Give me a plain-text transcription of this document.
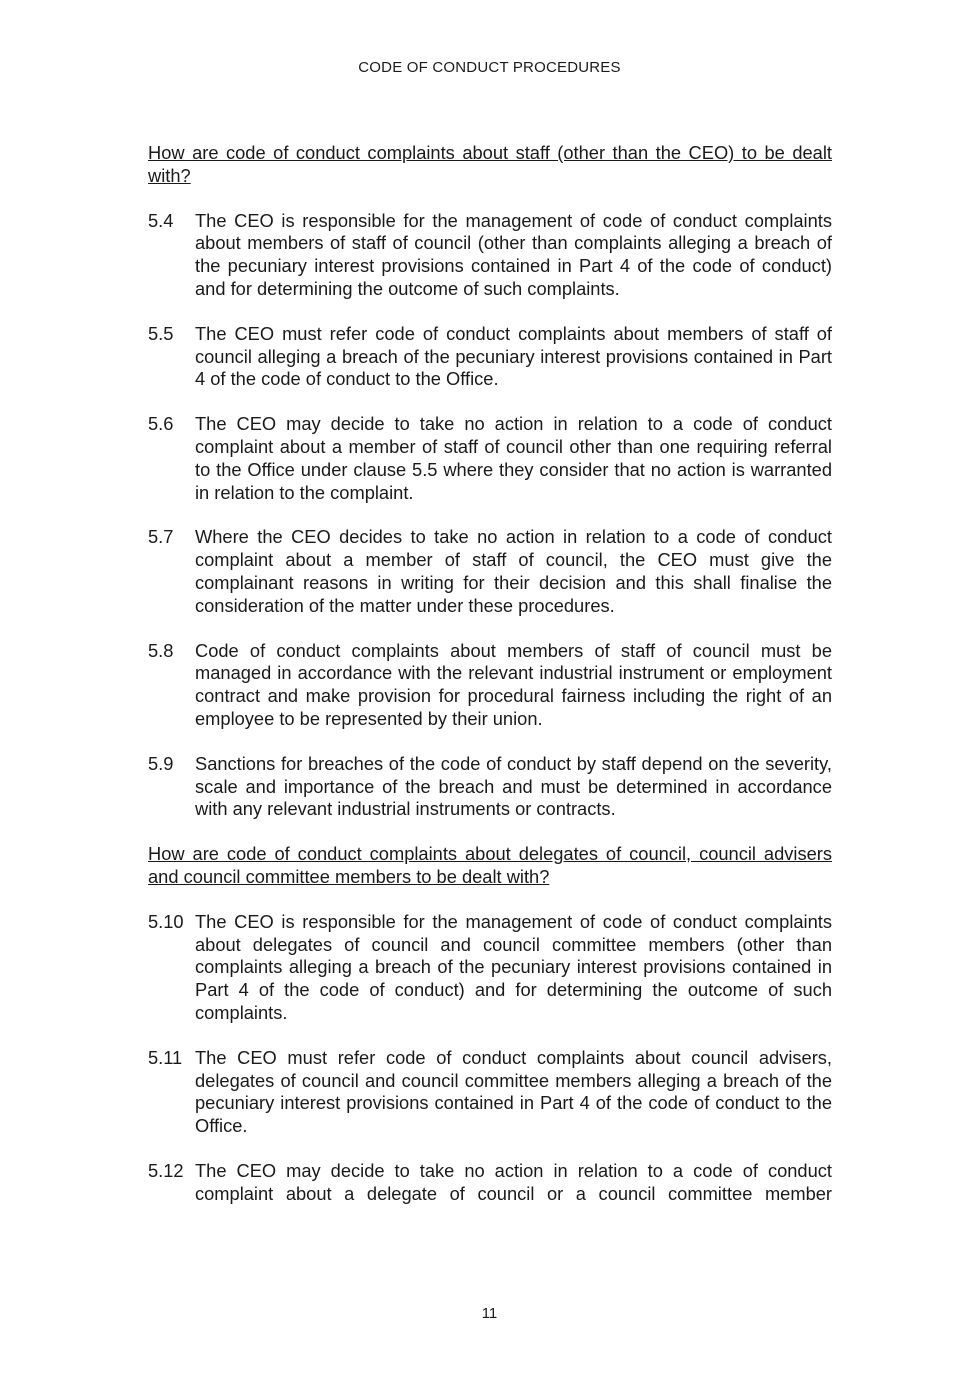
CODE OF CONDUCT PROCEDURES
How are code of conduct complaints about staff (other than the CEO) to be dealt with?
5.4	The CEO is responsible for the management of code of conduct complaints about members of staff of council (other than complaints alleging a breach of the pecuniary interest provisions contained in Part 4 of the code of conduct) and for determining the outcome of such complaints.
5.5	The CEO must refer code of conduct complaints about members of staff of council alleging a breach of the pecuniary interest provisions contained in Part 4 of the code of conduct to the Office.
5.6	The CEO may decide to take no action in relation to a code of conduct complaint about a member of staff of council other than one requiring referral to the Office under clause 5.5 where they consider that no action is warranted in relation to the complaint.
5.7	Where the CEO decides to take no action in relation to a code of conduct complaint about a member of staff of council, the CEO must give the complainant reasons in writing for their decision and this shall finalise the consideration of the matter under these procedures.
5.8	Code of conduct complaints about members of staff of council must be managed in accordance with the relevant industrial instrument or employment contract and make provision for procedural fairness including the right of an employee to be represented by their union.
5.9	Sanctions for breaches of the code of conduct by staff depend on the severity, scale and importance of the breach and must be determined in accordance with any relevant industrial instruments or contracts.
How are code of conduct complaints about delegates of council, council advisers and council committee members to be dealt with?
5.10 The CEO is responsible for the management of code of conduct complaints about delegates of council and council committee members (other than complaints alleging a breach of the pecuniary interest provisions contained in Part 4 of the code of conduct) and for determining the outcome of such complaints.
5.11 The CEO must refer code of conduct complaints about council advisers, delegates of council and council committee members alleging a breach of the pecuniary interest provisions contained in Part 4 of the code of conduct to the Office.
5.12 The CEO may decide to take no action in relation to a code of conduct complaint about a delegate of council or a council committee member
11
